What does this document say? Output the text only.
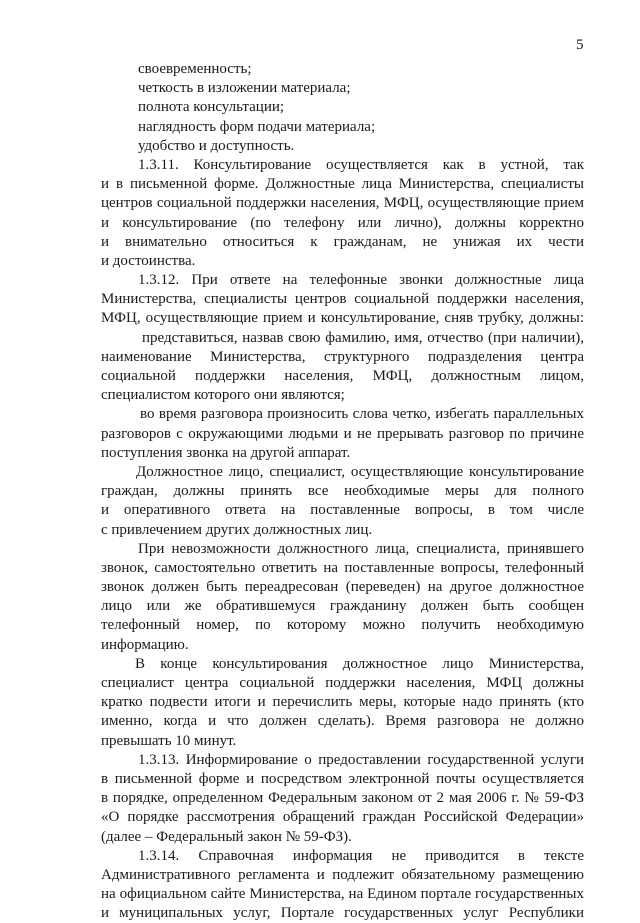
5
своевременность;
четкость в изложении материала;
полнота консультации;
наглядность форм подачи материала;
удобство и доступность.
1.3.11. Консультирование осуществляется как в устной, так
и в письменной форме. Должностные лица Министерства, специалисты
центров социальной поддержки населения, МФЦ, осуществляющие прием
и консультирование (по телефону или лично), должны корректно
и внимательно относиться к гражданам, не унижая их чести
и достоинства.
1.3.12. При ответе на телефонные звонки должностные лица
Министерства, специалисты центров социальной поддержки населения,
МФЦ, осуществляющие прием и консультирование, сняв трубку, должны:
представиться, назвав свою фамилию, имя, отчество (при наличии),
наименование Министерства, структурного подразделения центра
социальной поддержки населения, МФЦ, должностным лицом,
специалистом которого они являются;
во время разговора произносить слова четко, избегать параллельных
разговоров с окружающими людьми и не прерывать разговор по причине
поступления звонка на другой аппарат.
Должностное лицо, специалист, осуществляющие консультирование
граждан, должны принять все необходимые меры для полного
и оперативного ответа на поставленные вопросы, в том числе
с привлечением других должностных лиц.
При невозможности должностного лица, специалиста, принявшего
звонок, самостоятельно ответить на поставленные вопросы, телефонный
звонок должен быть переадресован (переведен) на другое должностное
лицо или же обратившемуся гражданину должен быть сообщен
телефонный номер, по которому можно получить необходимую
информацию.
В конце консультирования должностное лицо Министерства,
специалист центра социальной поддержки населения, МФЦ должны
кратко подвести итоги и перечислить меры, которые надо принять (кто
именно, когда и что должен сделать). Время разговора не должно
превышать 10 минут.
1.3.13. Информирование о предоставлении государственной услуги
в письменной форме и посредством электронной почты осуществляется
в порядке, определенном Федеральным законом от 2 мая 2006 г. № 59-ФЗ
«О порядке рассмотрения обращений граждан Российской Федерации»
(далее – Федеральный закон № 59-ФЗ).
1.3.14. Справочная информация не приводится в тексте
Административного регламента и подлежит обязательному размещению
на официальном сайте Министерства, на Едином портале государственных
и муниципальных услуг, Портале государственных услуг Республики
